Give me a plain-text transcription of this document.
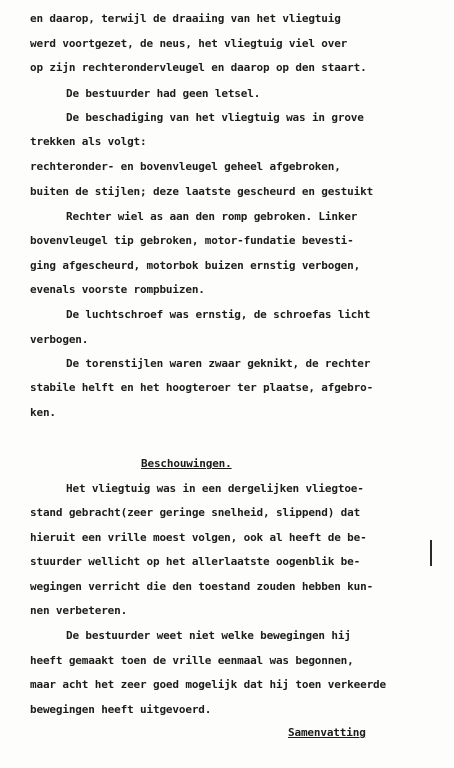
en daarop, terwijl de draaiing van het vliegtuig
werd voortgezet, de neus, het vliegtuig viel over
op zijn rechterondervleugel en daarop op den staart.
De bestuurder had geen letsel.
De beschadiging van het vliegtuig was in grove
trekken als volgt:
rechteronder- en bovenvleugel geheel afgebroken,
buiten de stijlen; deze laatste gescheurd en gestuikt
Rechter wiel as aan den romp gebroken. Linker
bovenvleugel tip gebroken, motor-fundatie bevesti-
ging afgescheurd, motorbok buizen ernstig verbogen,
evenals voorste rompbuizen.
De luchtschroef was ernstig, de schroefas licht
verbogen.
De torenstijlen waren zwaar geknikt, de rechter
stabile helft en het hoogteroer ter plaatse, afgebro-
ken.
Beschouwingen.
Het vliegtuig was in een dergelijken vliegtoe-
stand gebracht(zeer geringe snelheid, slippend) dat
hieruit een vrille moest volgen, ook al heeft de be-
stuurder wellicht op het allerlaatste oogenblik be-
wegingen verricht die den toestand zouden hebben kun-
nen verbeteren.
De bestuurder weet niet welke bewegingen hij
heeft gemaakt toen de vrille eenmaal was begonnen,
maar acht het zeer goed mogelijk dat hij toen verkeerde
bewegingen heeft uitgevoerd.
Samenvatting
